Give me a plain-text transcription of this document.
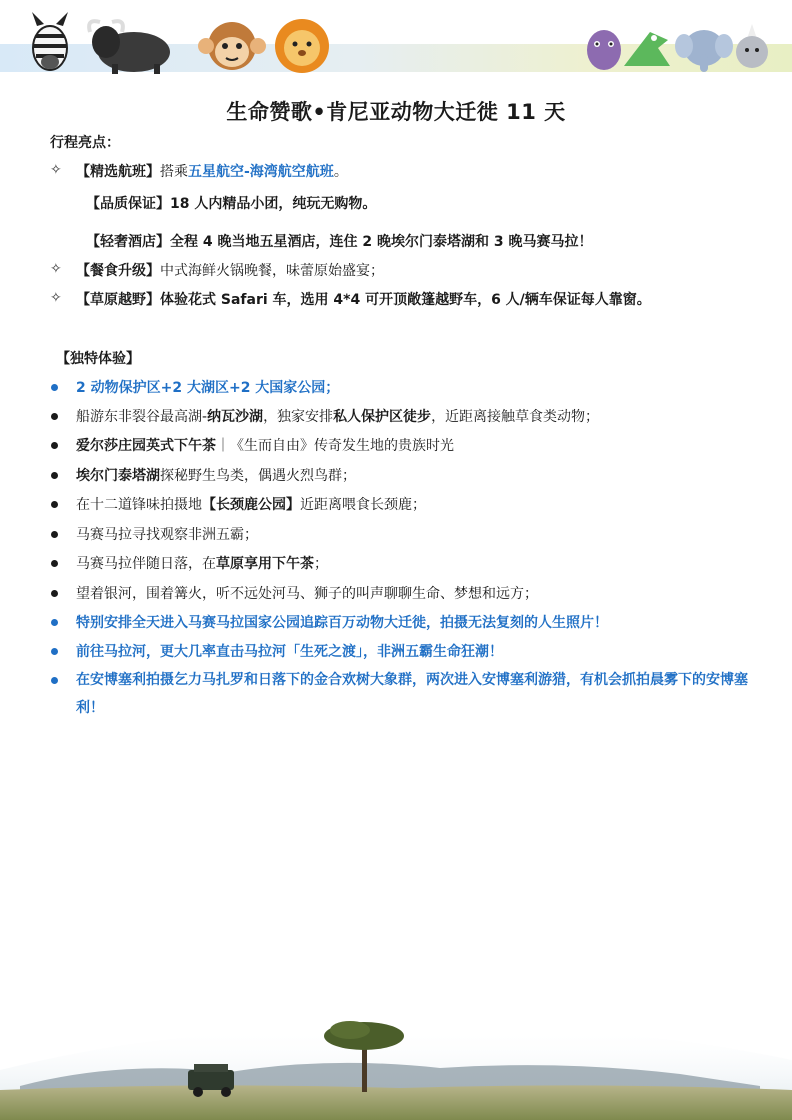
生命赞歌•肯尼亚动物大迁徙 11 天
行程亮点：
✧ 【精选航班】搭乘五星航空-海湾航空航班。
【品质保证】18 人内精品小团，纯玩无购物。
【轻奢酒店】全程 4 晚当地五星酒店，连住 2 晚埃尔门泰塔湖和 3 晚马赛马拉！
✧ 【餐食升级】中式海鲜火锅晚餐，味蕾原始盛宴；
✧ 【草原越野】体验花式 Safari 车，选用 4*4 可开顶敞篷越野车，6 人/辆车保证每人靠窗。
【独特体验】
2 动物保护区+2 大湖区+2 大国家公园；
船游东非裂谷最高湖-纳瓦沙湖，独家安排私人保护区徒步，近距离接触草食类动物；
爱尔莎庄园英式下午茶｜《生而自由》传奇发生地的贵族时光
埃尔门泰塔湖探秘野生鸟类，偶遇火烈鸟群；
在十二道锋味拍摄地【长颈鹿公园】近距离喂食长颈鹿；
马赛马拉寻找观察非洲五霸；
马赛马拉伴随日落，在草原享用下午茶；
望着银河，围着篝火，听不远处河马、狮子的叫声聊聊生命、梦想和远方；
特别安排全天进入马赛马拉国家公园追踪百万动物大迁徙，拍摄无法复刻的人生照片！
前往马拉河，更大几率直击马拉河「生死之渡」，非洲五霸生命狂潮！
在安博塞利拍摄乞力马扎罗和日落下的金合欢树大象群，两次进入安博塞利游猎，有机会抓拍晨雾下的安博塞利！
